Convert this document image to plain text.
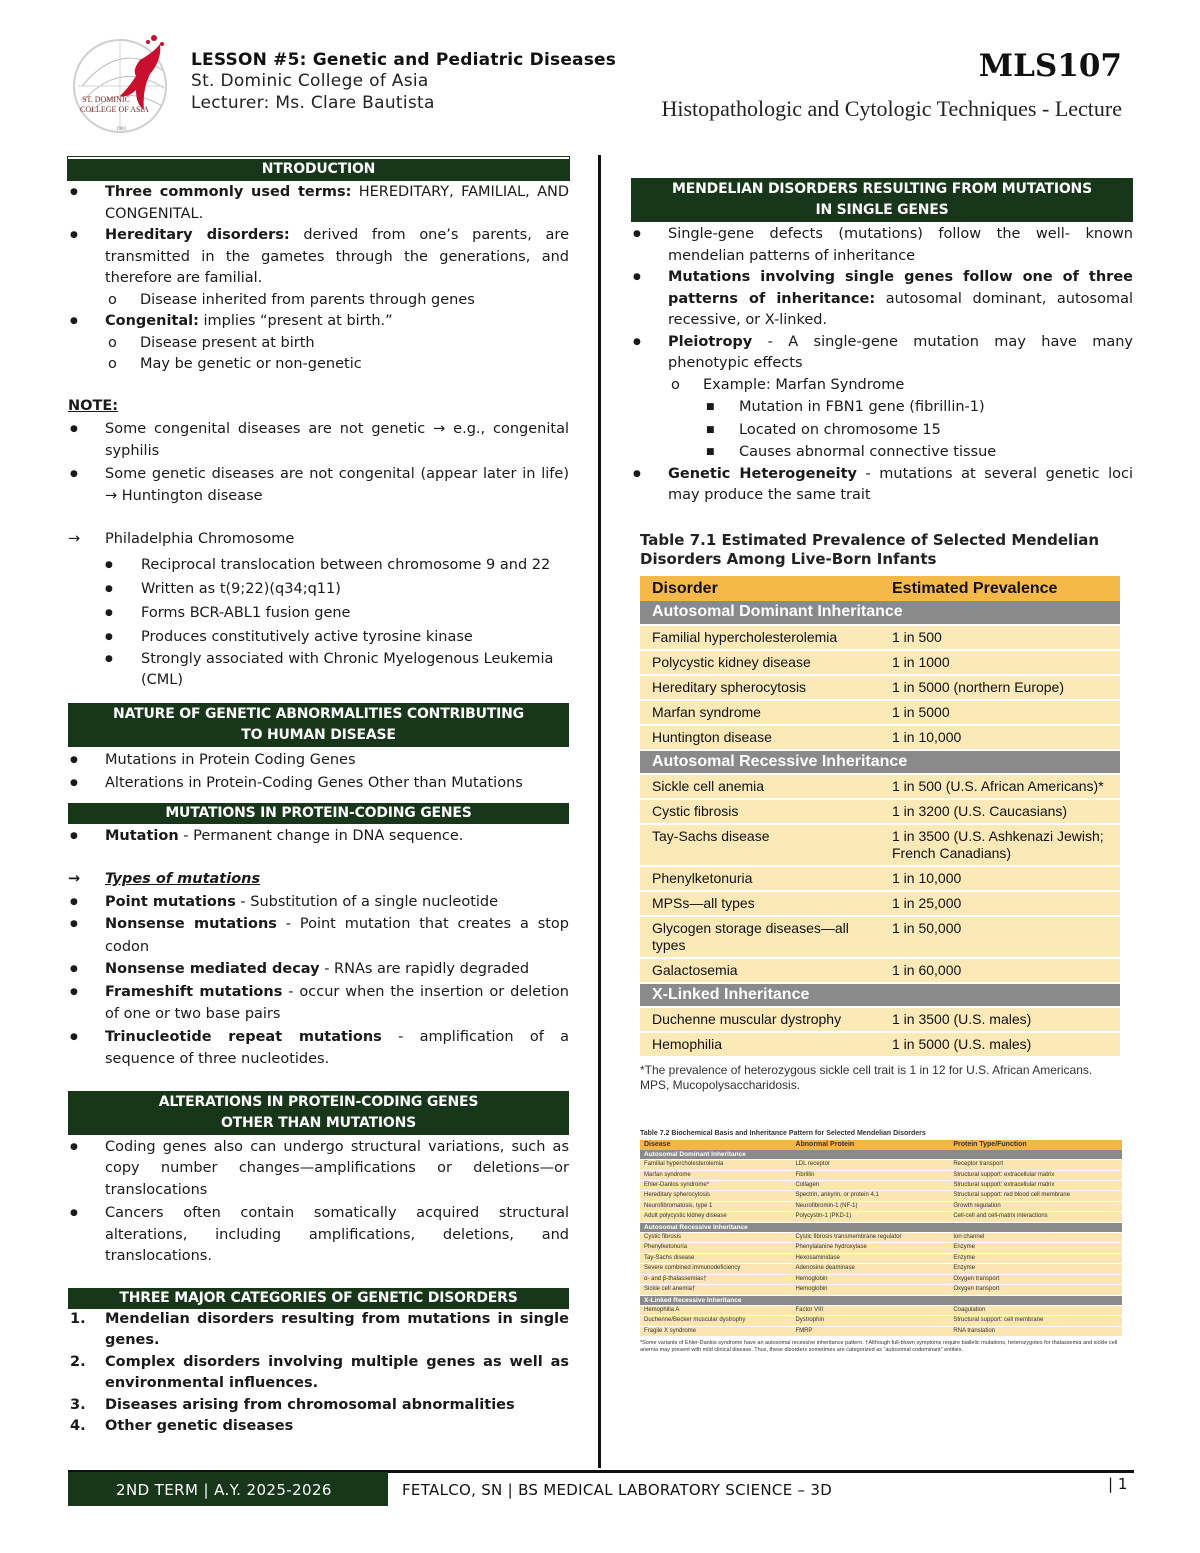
ST. DOMINIC
COLLEGE OF ASIA
1983
LESSON #5: Genetic and Pediatric Diseases
St. Dominic College of Asia
Lecturer: Ms. Clare Bautista
MLS107
Histopathologic and Cytologic Techniques - Lecture
NTRODUCTION
● Three commonly used terms: HEREDITARY, FAMILIAL, AND CONGENITAL.
● Hereditary disorders: derived from one’s parents, are transmitted in the gametes through the generations, and therefore are familial.
o Disease inherited from parents through genes
● Congenital: implies “present at birth.”
o Disease present at birth
o May be genetic or non-genetic
NOTE:
● Some congenital diseases are not genetic → e.g., congenital syphilis
● Some genetic diseases are not congenital (appear later in life) → Huntington disease
→ Philadelphia Chromosome
● Reciprocal translocation between chromosome 9 and 22
● Written as t(9;22)(q34;q11)
● Forms BCR-ABL1 fusion gene
● Produces constitutively active tyrosine kinase
● Strongly associated with Chronic Myelogenous Leukemia (CML)
NATURE OF GENETIC ABNORMALITIES CONTRIBUTING
TO HUMAN DISEASE
● Mutations in Protein Coding Genes
● Alterations in Protein-Coding Genes Other than Mutations
MUTATIONS IN PROTEIN-CODING GENES
● Mutation - Permanent change in DNA sequence.
→ Types of mutations
● Point mutations - Substitution of a single nucleotide
● Nonsense mutations - Point mutation that creates a stop codon
● Nonsense mediated decay - RNAs are rapidly degraded
● Frameshift mutations - occur when the insertion or deletion of one or two base pairs
● Trinucleotide repeat mutations - amplification of a sequence of three nucleotides.
ALTERATIONS IN PROTEIN-CODING GENES
OTHER THAN MUTATIONS
● Coding genes also can undergo structural variations, such as copy number changes—amplifications or deletions—or translocations
● Cancers often contain somatically acquired structural alterations, including amplifications, deletions, and translocations.
THREE MAJOR CATEGORIES OF GENETIC DISORDERS
1. Mendelian disorders resulting from mutations in single genes.
2. Complex disorders involving multiple genes as well as environmental influences.
3. Diseases arising from chromosomal abnormalities
4. Other genetic diseases
MENDELIAN DISORDERS RESULTING FROM MUTATIONS
IN SINGLE GENES
● Single-gene defects (mutations) follow the well- known mendelian patterns of inheritance
● Mutations involving single genes follow one of three patterns of inheritance: autosomal dominant, autosomal recessive, or X-linked.
● Pleiotropy - A single-gene mutation may have many phenotypic effects
o Example: Marfan Syndrome
■ Mutation in FBN1 gene (fibrillin-1)
■ Located on chromosome 15
■ Causes abnormal connective tissue
● Genetic Heterogeneity - mutations at several genetic loci may produce the same trait
Table 7.1 Estimated Prevalence of Selected Mendelian Disorders Among Live-Born Infants
Disorder	Estimated Prevalence
Autosomal Dominant Inheritance	
Familial hypercholesterolemia	1 in 500
Polycystic kidney disease	1 in 1000
Hereditary spherocytosis	1 in 5000 (northern Europe)
Marfan syndrome	1 in 5000
Huntington disease	1 in 10,000
Autosomal Recessive Inheritance	
Sickle cell anemia	1 in 500 (U.S. African Americans)*
Cystic fibrosis	1 in 3200 (U.S. Caucasians)
Tay-Sachs disease	1 in 3500 (U.S. Ashkenazi Jewish; French Canadians)
Phenylketonuria	1 in 10,000
MPSs—all types	1 in 25,000
Glycogen storage diseases—all types	1 in 50,000
Galactosemia	1 in 60,000
X-Linked Inheritance	
Duchenne muscular dystrophy	1 in 3500 (U.S. males)
Hemophilia	1 in 5000 (U.S. males)
*The prevalence of heterozygous sickle cell trait is 1 in 12 for U.S. African Americans. MPS, Mucopolysaccharidosis.
Table 7.2 Biochemical Basis and Inheritance Pattern for Selected Mendelian Disorders
Disease	Abnormal Protein	Protein Type/Function
Autosomal Dominant Inheritance		
Familial hypercholesterolemia	LDL receptor	Receptor transport
Marfan syndrome	Fibrillin	Structural support: extracellular matrix
Ehler-Danlos syndrome*	Collagen	Structural support: extracellular matrix
Hereditary spherocytosis	Spectrin, ankyrin, or protein 4.1	Structural support: red blood cell membrane
Neurofibromatosis, type 1	Neurofibromin-1 (NF-1)	Growth regulation
Adult polycystic kidney disease	Polycystin-1 (PKD-1)	Cell-cell and cell-matrix interactions
Autosomal Recessive Inheritance		
Cystic fibrosis	Cystic fibrosis transmembrane regulator	Ion channel
Phenylketonuria	Phenylalanine hydroxylase	Enzyme
Tay-Sachs disease	Hexosaminidase	Enzyme
Severe combined immunodeficiency	Adenosine deaminase	Enzyme
α- and β-thalassemias†	Hemoglobin	Oxygen transport
Sickle cell anemia†	Hemoglobin	Oxygen transport
X-Linked Recessive Inheritance		
Hemophilia A	Factor VIII	Coagulation
Duchenne/Becker muscular dystrophy	Dystrophin	Structural support: cell membrane
Fragile X syndrome	FMRP	RNA translation
*Some variants of Ehler-Danlos syndrome have an autosomal recessive inheritance pattern. †Although full-blown symptoms require biallelic mutations, heterozygotes for thalassemia and sickle cell anemia may present with mild clinical disease. Thus, these disorders sometimes are categorized as “autosomal codominant” entities.
2ND TERM | A.Y. 2025-2026	FETALCO, SN | BS MEDICAL LABORATORY SCIENCE – 3D	| 1
